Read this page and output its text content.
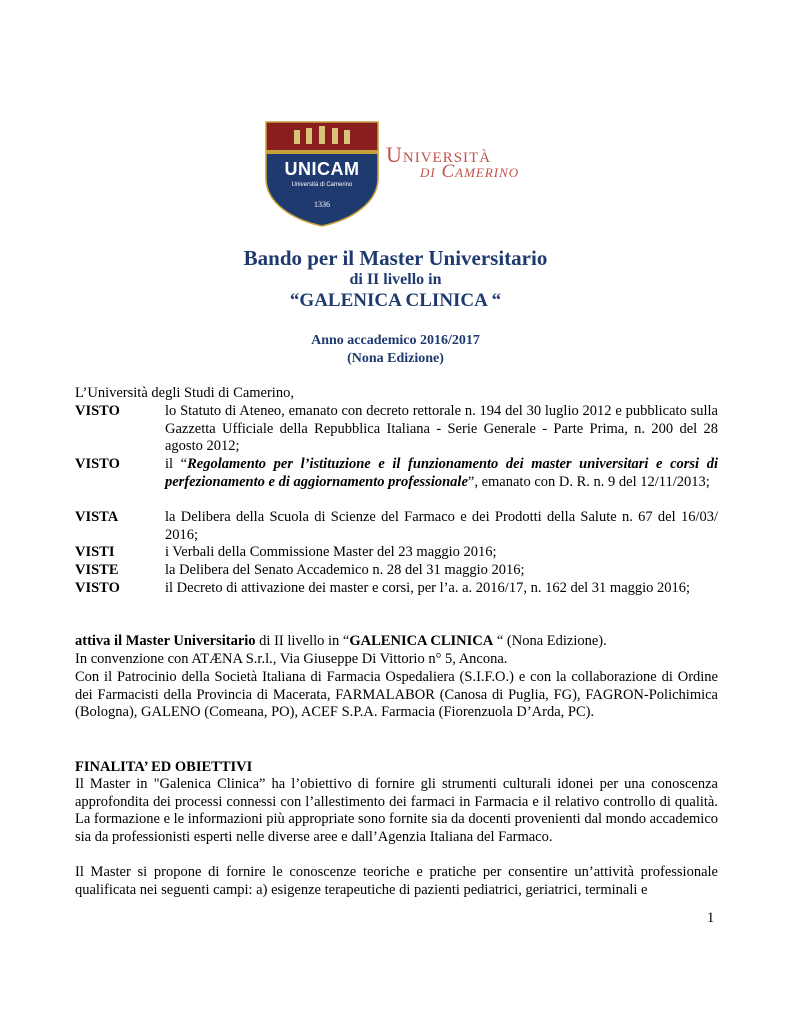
UNICAM
Università di Camerino
1336
Università
di Camerino
Bando per il Master Universitario
di II livello in
“GALENICA CLINICA “
Anno accademico 2016/2017
(Nona Edizione)
L’Università degli Studi di Camerino,
VISTO	lo Statuto di Ateneo, emanato con decreto rettorale n. 194 del 30 luglio 2012 e pubblicato sulla Gazzetta Ufficiale della Repubblica Italiana - Serie Generale - Parte Prima, n. 200 del 28 agosto 2012;
VISTO	il “Regolamento per l’istituzione e il funzionamento dei master universitari e corsi di perfezionamento e di aggiornamento professionale”, emanato con D. R. n. 9 del 12/11/2013;
VISTA	la Delibera della Scuola di Scienze del Farmaco e dei Prodotti della Salute n. 67 del 16/03/ 2016;
VISTI	i Verbali della Commissione Master del 23 maggio 2016;
VISTE	la Delibera del Senato Accademico n. 28 del 31 maggio 2016;
VISTO	il Decreto di attivazione dei master e corsi, per l’a. a. 2016/17, n. 162 del 31 maggio 2016;
attiva il Master Universitario di II livello in “GALENICA CLINICA “ (Nona Edizione).
In convenzione con ATÆNA S.r.l., Via Giuseppe Di Vittorio n° 5, Ancona.
Con il Patrocinio della Società Italiana di Farmacia Ospedaliera (S.I.F.O.) e con la collaborazione di Ordine dei Farmacisti della Provincia di Macerata, FARMALABOR (Canosa di Puglia, FG), FAGRON-Polichimica (Bologna), GALENO (Comeana, PO), ACEF S.P.A. Farmacia (Fiorenzuola D’Arda, PC).
FINALITA’ ED OBIETTIVI
Il Master in "Galenica Clinica” ha l’obiettivo di fornire gli strumenti culturali idonei per una conoscenza approfondita dei processi connessi con l’allestimento dei farmaci in Farmacia e il relativo controllo di qualità. La formazione e le informazioni più appropriate sono fornite sia da docenti provenienti dal mondo accademico sia da professionisti esperti nelle diverse aree e dall’Agenzia Italiana del Farmaco.
Il Master si propone di fornire le conoscenze teoriche e pratiche per consentire un’attività professionale qualificata nei seguenti campi: a) esigenze terapeutiche di pazienti pediatrici, geriatrici, terminali e
1
